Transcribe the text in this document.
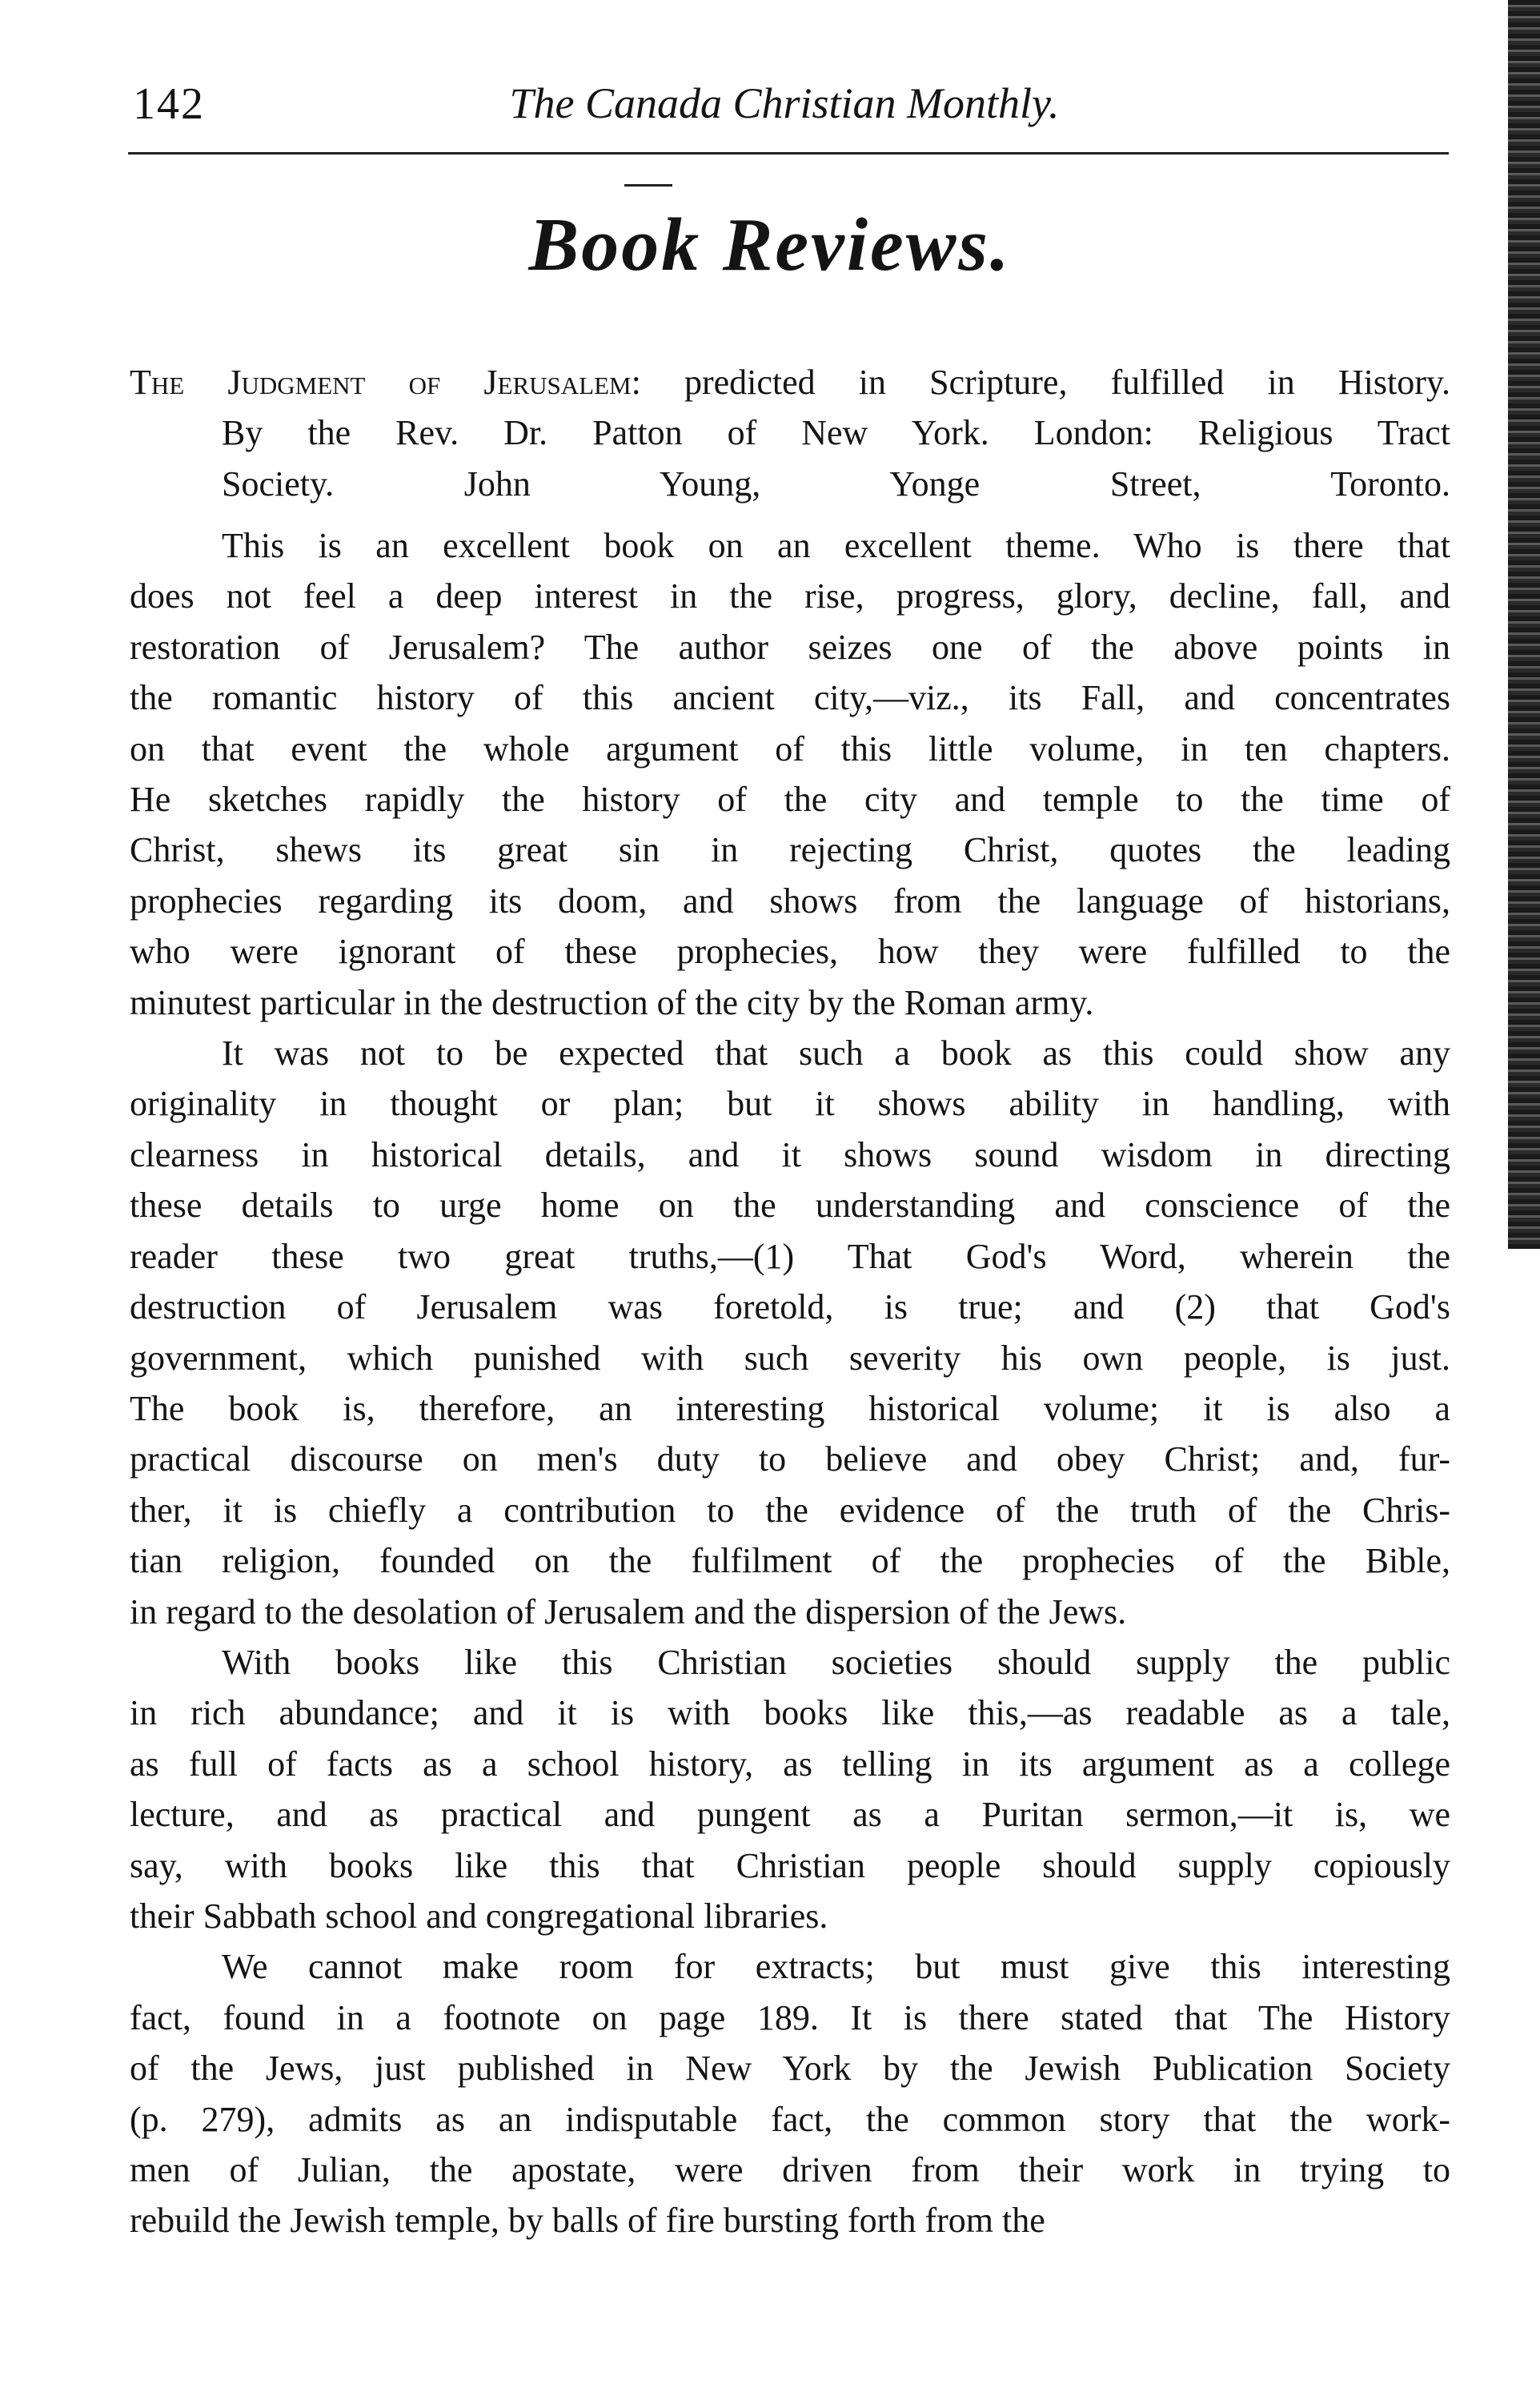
142	The Canada Christian Monthly.
Book Reviews.
The Judgment of Jerusalem: predicted in Scripture, fulfilled in History.
By the Rev. Dr. Patton of New York. London: Religious Tract
Society. John Young, Yonge Street, Toronto.

This is an excellent book on an excellent theme. Who is there that
does not feel a deep interest in the rise, progress, glory, decline, fall, and
restoration of Jerusalem? The author seizes one of the above points in
the romantic history of this ancient city,—viz., its Fall, and concentrates
on that event the whole argument of this little volume, in ten chapters.
He sketches rapidly the history of the city and temple to the time of
Christ, shews its great sin in rejecting Christ, quotes the leading
prophecies regarding its doom, and shows from the language of historians,
who were ignorant of these prophecies, how they were fulfilled to the
minutest particular in the destruction of the city by the Roman army.

It was not to be expected that such a book as this could show any
originality in thought or plan; but it shows ability in handling, with
clearness in historical details, and it shows sound wisdom in directing
these details to urge home on the understanding and conscience of the
reader these two great truths,—(1) That God's Word, wherein the
destruction of Jerusalem was foretold, is true; and (2) that God's
government, which punished with such severity his own people, is just.
The book is, therefore, an interesting historical volume; it is also a
practical discourse on men's duty to believe and obey Christ; and, fur-
ther, it is chiefly a contribution to the evidence of the truth of the Chris-
tian religion, founded on the fulfilment of the prophecies of the Bible,
in regard to the desolation of Jerusalem and the dispersion of the Jews.

With books like this Christian societies should supply the public
in rich abundance; and it is with books like this,—as readable as a tale,
as full of facts as a school history, as telling in its argument as a college
lecture, and as practical and pungent as a Puritan sermon,—it is, we
say, with books like this that Christian people should supply copiously
their Sabbath school and congregational libraries.

We cannot make room for extracts; but must give this interesting
fact, found in a footnote on page 189. It is there stated that The History
of the Jews, just published in New York by the Jewish Publication Society
(p. 279), admits as an indisputable fact, the common story that the work-
men of Julian, the apostate, were driven from their work in trying to
rebuild the Jewish temple, by balls of fire bursting forth from the
